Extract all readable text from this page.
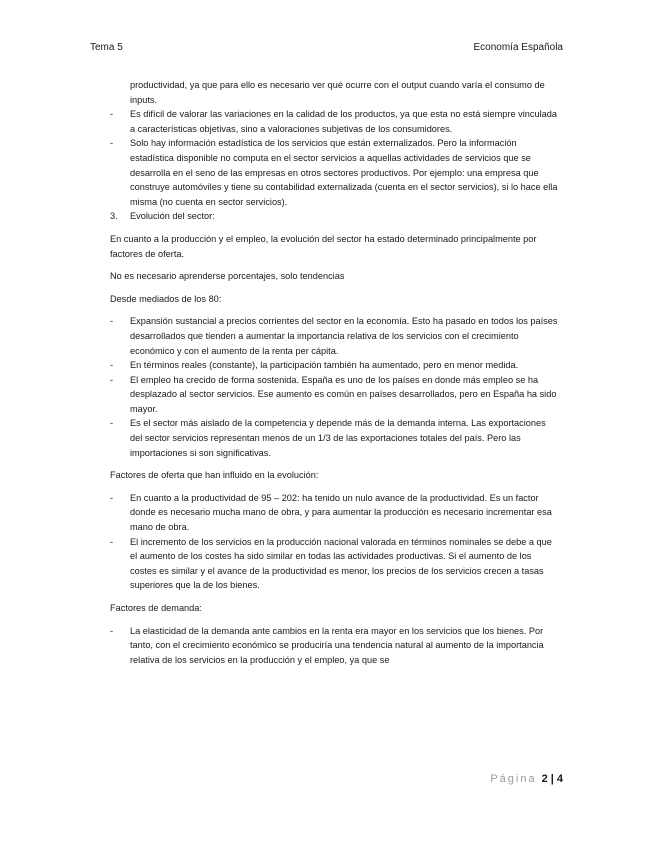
Tema 5	Economía Española

productividad, ya que para ello es necesario ver qué ocurre con el output cuando varía el consumo de inputs.

- Es difícil de valorar las variaciones en la calidad de los productos, ya que esta no está siempre vinculada a características objetivas, sino a valoraciones subjetivas de los consumidores.

- Solo hay información estadística de los servicios que están externalizados. Pero la información estadística disponible no computa en el sector servicios a aquellas actividades de servicios que se desarrolla en el seno de las empresas en otros sectores productivos. Por ejemplo: una empresa que construye automóviles y tiene su contabilidad externalizada (cuenta en el sector servicios), si lo hace ella misma (no cuenta en sector servicios).

3. Evolución del sector:

En cuanto a la producción y el empleo, la evolución del sector ha estado determinado principalmente por factores de oferta.

No es necesario aprenderse porcentajes, solo tendencias

Desde mediados de los 80:

- Expansión sustancial a precios corrientes del sector en la economía. Esto ha pasado en todos los países desarrollados que tienden a aumentar la importancia relativa de los servicios con el crecimiento económico y con el aumento de la renta per cápita.

- En términos reales (constante), la participación también ha aumentado, pero en menor medida.

- El empleo ha crecido de forma sostenida. España es uno de los países en donde más empleo se ha desplazado al sector servicios. Ese aumento es común en países desarrollados, pero en España ha sido mayor.

- Es el sector más aislado de la competencia y depende más de la demanda interna. Las exportaciones del sector servicios representan menos de un 1/3 de las exportaciones totales del país. Pero las importaciones si son significativas.

Factores de oferta que han influido en la evolución:

- En cuanto a la productividad de 95 – 202: ha tenido un nulo avance de la productividad. Es un factor donde es necesario mucha mano de obra, y para aumentar la producción es necesario incrementar esa mano de obra.

- El incremento de los servicios en la producción nacional valorada en términos nominales se debe a que el aumento de los costes ha sido similar en todas las actividades productivas. Si el aumento de los costes es similar y el avance de la productividad es menor, los precios de los servicios crecen a tasas superiores que la de los bienes.

Factores de demanda:

- La elasticidad de la demanda ante cambios en la renta era mayor en los servicios que los bienes. Por tanto, con el crecimiento económico se produciría una tendencia natural al aumento de la importancia relativa de los servicios en la producción y el empleo, ya que se

Página 2 | 4
